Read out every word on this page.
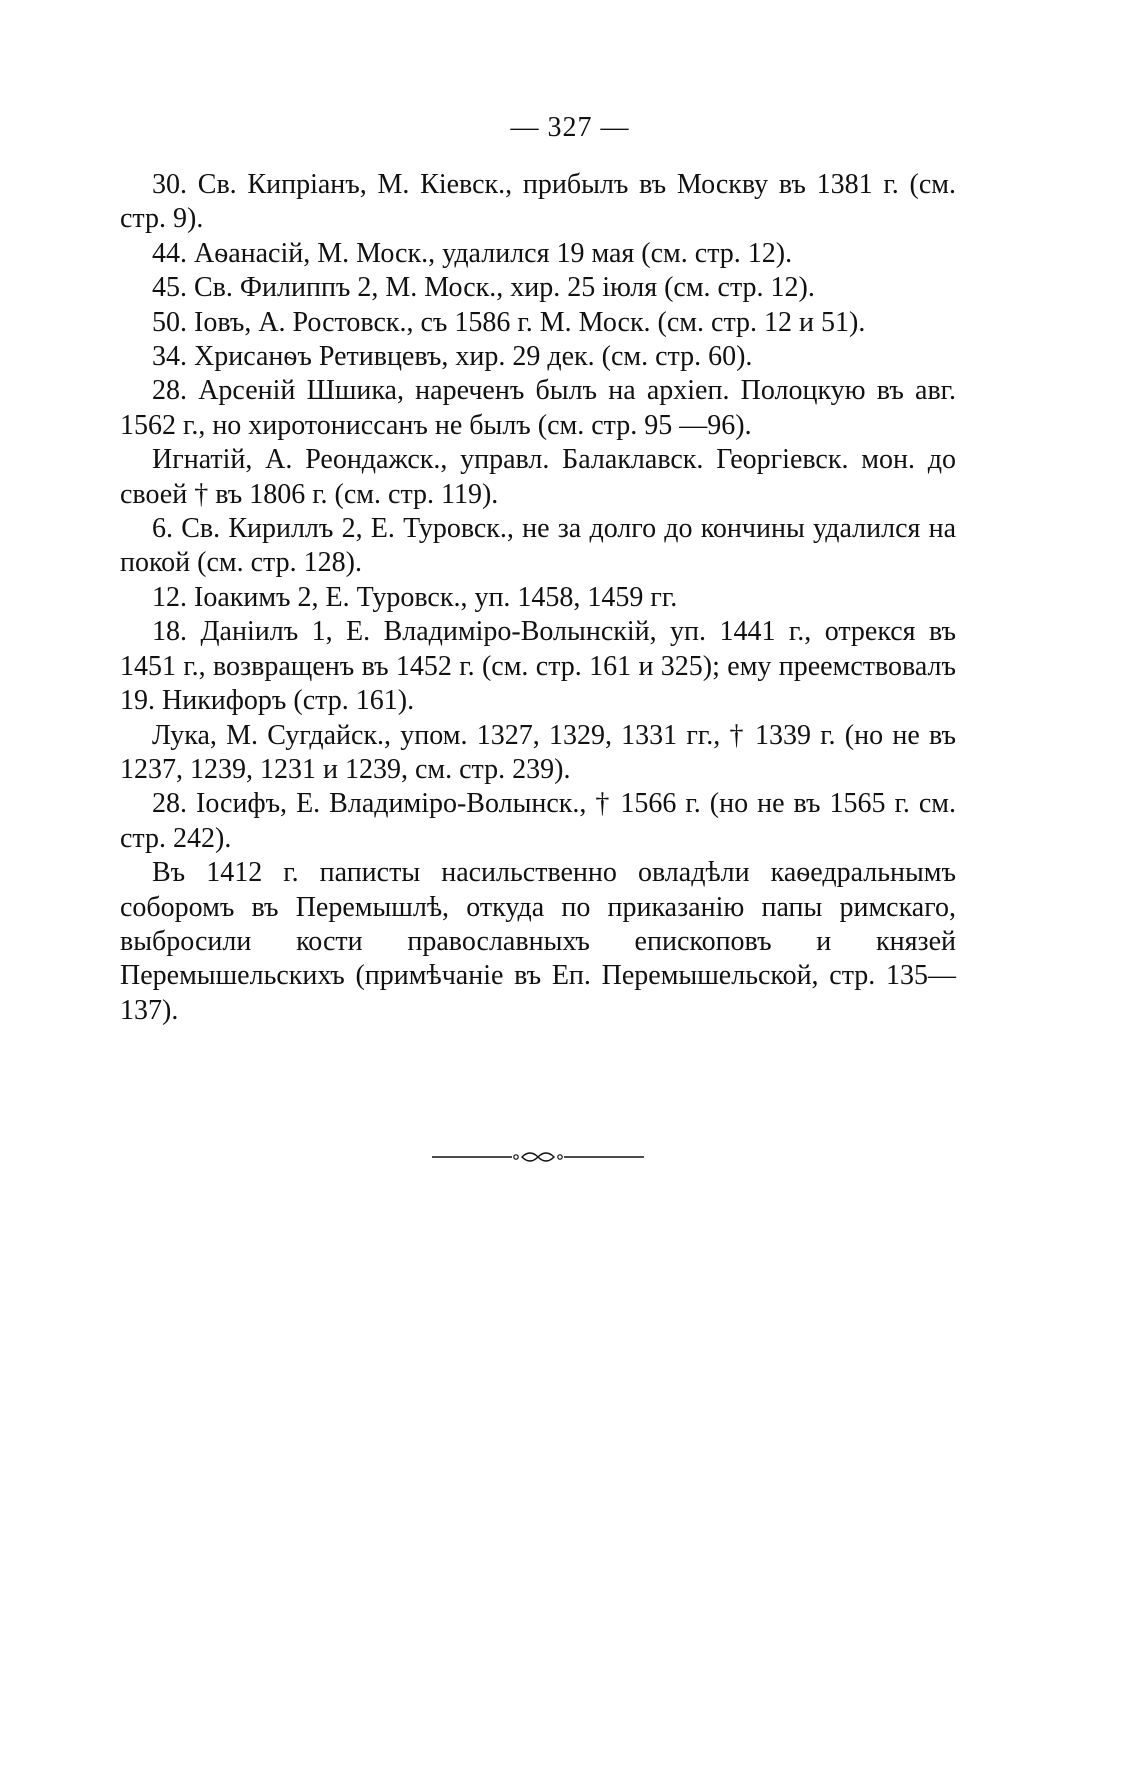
— 327 —

30. Св. Кипріанъ, М. Кіевск., прибылъ въ Москву въ 1381 г. (см. стр. 9).

44. Аѳанасій, М. Моск., удалился 19 мая (см. стр. 12).

45. Св. Филиппъ 2, М. Моск., хир. 25 іюля (см. стр. 12).

50. Іовъ, А. Ростовск., съ 1586 г. М. Моск. (см. стр. 12 и 51).

34. Хрисанѳъ Ретивцевъ, хир. 29 дек. (см. стр. 60).

28. Арсеній Шшика, нареченъ былъ на архіеп. Полоцкую въ авг. 1562 г., но хиротониссанъ не былъ (см. стр. 95 —96).

Игнатій, А. Реондажск., управл. Балаклавск. Георгіевск. мон. до своей † въ 1806 г. (см. стр. 119).

6. Св. Кириллъ 2, Е. Туровск., не за долго до кончины удалился на покой (см. стр. 128).

12. Іоакимъ 2, Е. Туровск., уп. 1458, 1459 гг.

18. Даніилъ 1, Е. Владиміро-Волынскій, уп. 1441 г., отрекся въ 1451 г., возвращенъ въ 1452 г. (см. стр. 161 и 325); ему преемствовалъ 19. Никифоръ (стр. 161).

Лука, М. Сугдайск., упом. 1327, 1329, 1331 гг., † 1339 г. (но не въ 1237, 1239, 1231 и 1239, см. стр. 239).

28. Іосифъ, Е. Владиміро-Волынск., † 1566 г. (но не въ 1565 г. см. стр. 242).

Въ 1412 г. паписты насильственно овладѣли каѳедральнымъ соборомъ въ Перемышлѣ, откуда по приказанію папы римскаго, выбросили кости православныхъ епископовъ и князей Перемышельскихъ (примѣчаніе въ Еп. Перемышельской, стр. 135—137).
